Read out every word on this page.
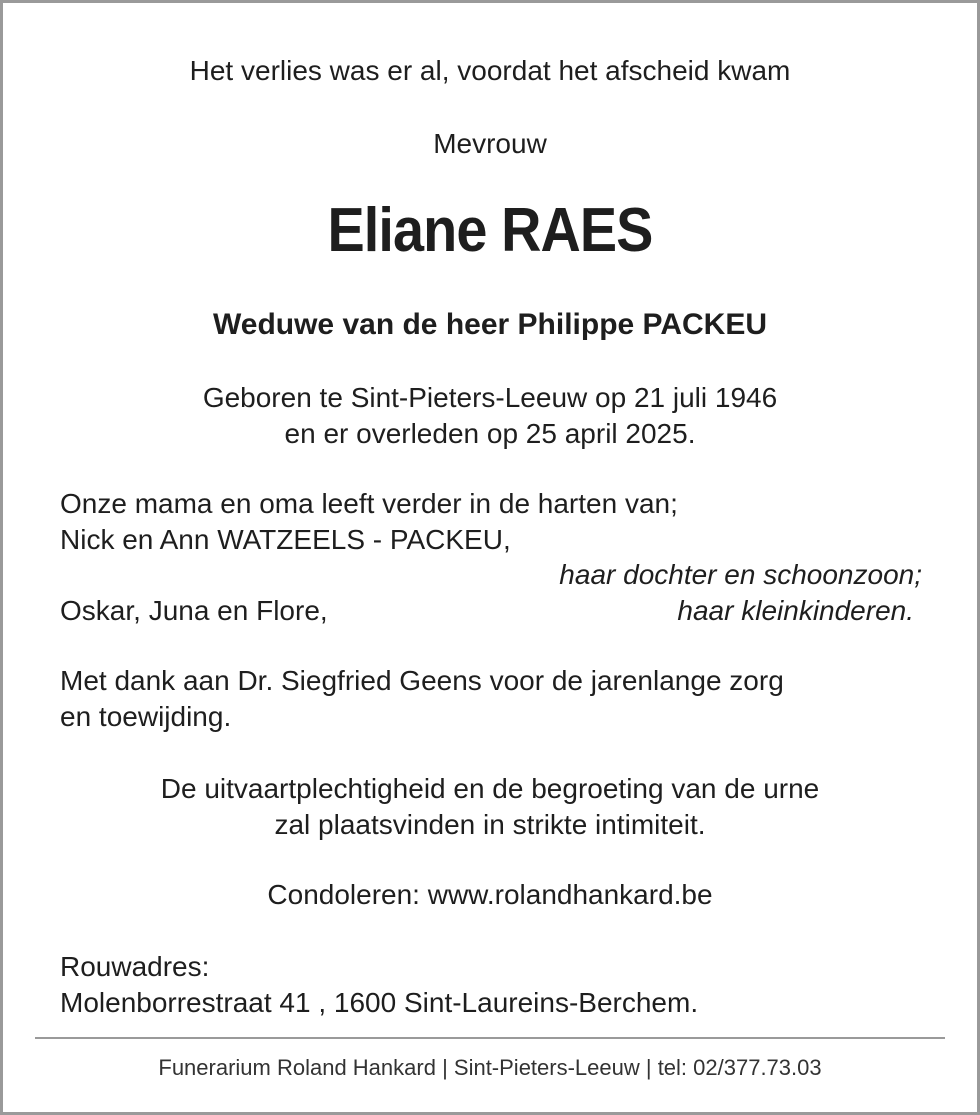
Het verlies was er al, voordat het afscheid kwam

Mevrouw

Eliane RAES

Weduwe van de heer Philippe PACKEU

Geboren te Sint-Pieters-Leeuw op 21 juli 1946

en er overleden op 25 april 2025.

Onze mama en oma leeft verder in de harten van;

Nick en Ann WATZEELS - PACKEU,

haar dochter en schoonzoon;

Oskar, Juna en Flore,	haar kleinkinderen.

Met dank aan Dr. Siegfried Geens voor de jarenlange zorg

en toewijding.

De uitvaartplechtigheid en de begroeting van de urne

zal plaatsvinden in strikte intimiteit.

Condoleren: www.rolandhankard.be

Rouwadres:

Molenborrestraat 41 , 1600 Sint-Laureins-Berchem.

Funerarium Roland Hankard | Sint-Pieters-Leeuw | tel: 02/377.73.03
